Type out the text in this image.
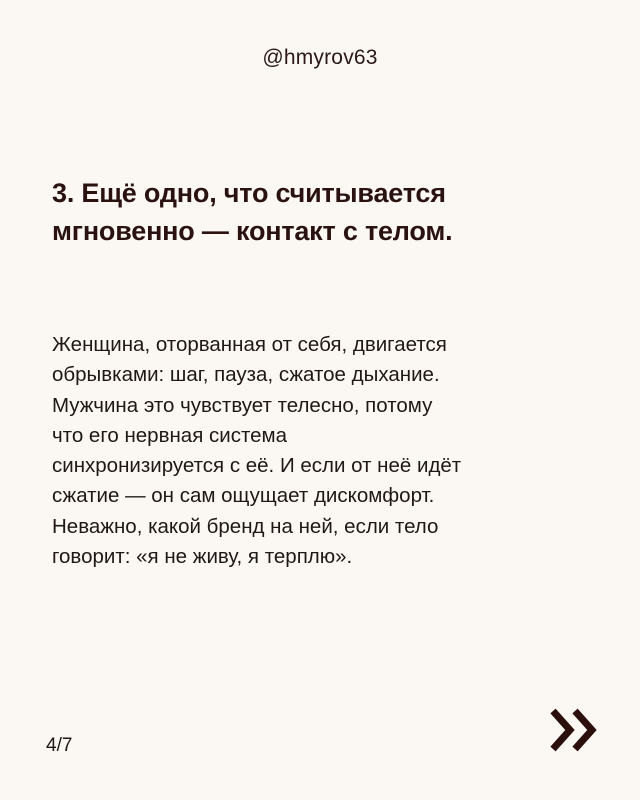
@hmyrov63
3. Ещё одно, что считывается
мгновенно — контакт с телом.
Женщина, оторванная от себя, двигается
обрывками: шаг, пауза, сжатое дыхание.
Мужчина это чувствует телесно, потому
что его нервная система
синхронизируется с её. И если от неё идёт
сжатие — он сам ощущает дискомфорт.
Неважно, какой бренд на ней, если тело
говорит: «я не живу, я терплю».
4/7
